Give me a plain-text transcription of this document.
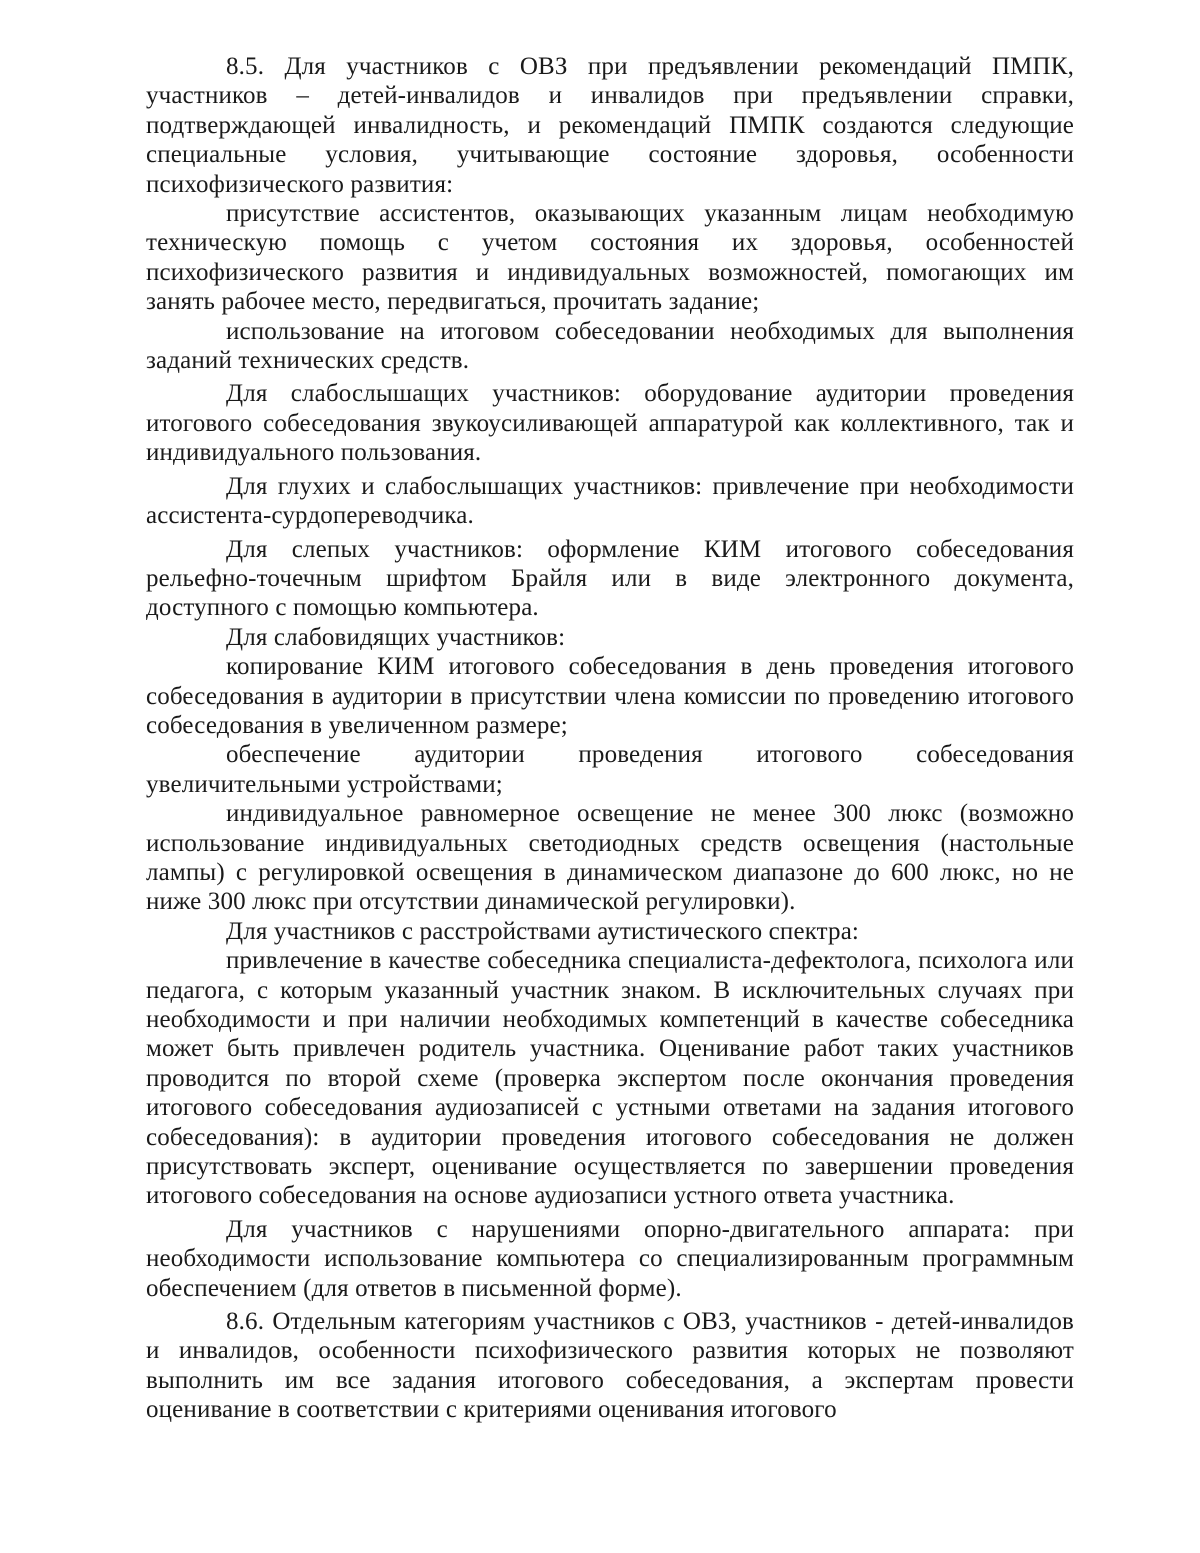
8.5. Для участников с ОВЗ при предъявлении рекомендаций ПМПК, участников – детей-инвалидов и инвалидов при предъявлении справки, подтверждающей инвалидность, и рекомендаций ПМПК создаются следующие специальные условия, учитывающие состояние здоровья, особенности психофизического развития:

присутствие ассистентов, оказывающих указанным лицам необходимую техническую помощь с учетом состояния их здоровья, особенностей психофизического развития и индивидуальных возможностей, помогающих им занять рабочее место, передвигаться, прочитать задание;

использование на итоговом собеседовании необходимых для выполнения заданий технических средств.

Для слабослышащих участников: оборудование аудитории проведения итогового собеседования звукоусиливающей аппаратурой как коллективного, так и индивидуального пользования.

Для глухих и слабослышащих участников: привлечение при необходимости ассистента-сурдопереводчика.

Для слепых участников: оформление КИМ итогового собеседования рельефно-точечным шрифтом Брайля или в виде электронного документа, доступного с помощью компьютера.

Для слабовидящих участников:

копирование КИМ итогового собеседования в день проведения итогового собеседования в аудитории в присутствии члена комиссии по проведению итогового собеседования в увеличенном размере;

обеспечение аудитории проведения итогового собеседования увеличительными устройствами;

индивидуальное равномерное освещение не менее 300 люкс (возможно использование индивидуальных светодиодных средств освещения (настольные лампы) с регулировкой освещения в динамическом диапазоне до 600 люкс, но не ниже 300 люкс при отсутствии динамической регулировки).

Для участников с расстройствами аутистического спектра:

привлечение в качестве собеседника специалиста-дефектолога, психолога или педагога, с которым указанный участник знаком. В исключительных случаях при необходимости и при наличии необходимых компетенций в качестве собеседника может быть привлечен родитель участника. Оценивание работ таких участников проводится по второй схеме (проверка экспертом после окончания проведения итогового собеседования аудиозаписей с устными ответами на задания итогового собеседования): в аудитории проведения итогового собеседования не должен присутствовать эксперт, оценивание осуществляется по завершении проведения итогового собеседования на основе аудиозаписи устного ответа участника.

Для участников с нарушениями опорно-двигательного аппарата: при необходимости использование компьютера со специализированным программным обеспечением (для ответов в письменной форме).

8.6. Отдельным категориям участников с ОВЗ, участников - детей-инвалидов и инвалидов, особенности психофизического развития которых не позволяют выполнить им все задания итогового собеседования, а экспертам провести оценивание в соответствии с критериями оценивания итогового
